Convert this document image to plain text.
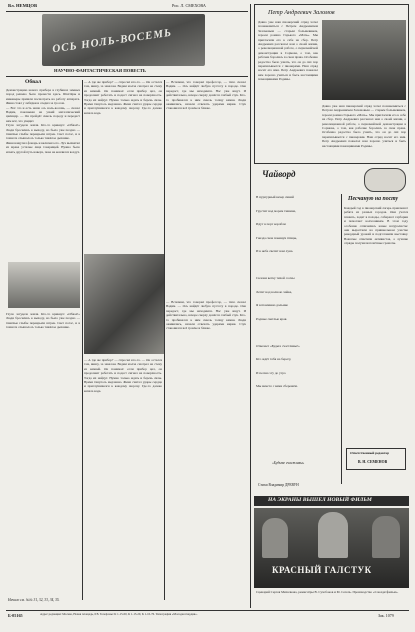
Вл. НЕМЦОВ	Рис. Л. СМЕХОВА
ОСЬ НОЛЬ-ВОСЕМЬ
НАУЧНО-ФАНТАСТИЧЕСКАЯ ПОВЕСТЬ
Обвал

Демонстрацию нового прибора в глубинах земных пород решено было провести здесь. Шахтёры и инженеры пришли посмотреть на работу аппарата. Женя стоял у лебёдки и следил за тросом.

— Вот это и есть наша ось ноль-восемь, — сказал Вадим, показывая на узкий металлический цилиндр. — Он пройдёт сквозь породу и передаст нам всё, что увидит.

Глухо загудела земля. Кто-то крикнул: «Обвал!» Люди бросились к выходу, но было уже поздно — тяжёлые глыбы перекрыли штрек. Свет погас, и в темноте слышалось только тяжёлое дыхание.

Женя нащупал фонарь и включил его. Луч выхватил из мрака усталые лица товарищей. Нужно было искать другой путь наверх, пока не кончился воздух.

Глухо загудела земля. Кто-то крикнул: «Обвал!» Люди бросились к выходу, но было уже поздно — тяжёлые глыбы перекрыли штрек. Свет погас, и в темноте слышалось только тяжёлое дыхание.
— А где же прибор? — спросил кто-то. — Он остался там, внизу, за завалом. Вадим молча смотрел на стену из камней. Он понимал: если прибор цел, он продолжит работать и подаст сигнал на поверхность. Тогда их найдут. Нужно только ждать и беречь силы. Время тянулось медленно. Женя считал удары сердца и прислушивался к каждому шороху. Где-то далеко капала вода.
— А где же прибор? — спросил кто-то. — Он остался там, внизу, за завалом. Вадим молча смотрел на стену из камней. Он понимал: если прибор цел, он продолжит работать и подаст сигнал на поверхность. Тогда их найдут. Нужно только ждать и беречь силы. Время тянулось медленно. Женя считал удары сердца и прислушивался к каждому шороху. Где-то далеко капала вода.
— Вспомни, что говорил профессор, — тихо сказал Вадим. — Ось найдёт любую пустоту в породе. Она передаст, где мы находимся. Нас уже ищут. И действительно, вскоре сверху донёсся слабый стук. Кто-то пробивался к ним сквозь толщу камня. Люди оживились, начали отвечать ударами кирки. Стук становился всё громче и ближе.
— Вспомни, что говорил профессор, — тихо сказал Вадим. — Ось найдёт любую пустоту в породе. Она передаст, где мы находимся. Нас уже ищут. И действительно, вскоре сверху донёсся слабый стук. Кто-то пробивался к ним сквозь толщу камня. Люди оживились, начали отвечать ударами кирки. Стук становился всё громче и ближе.
Начало см. №№ 31, 32, 33, 34, 35.
Петр Андреевич Заломов
Давно уже наш пионерский отряд хотел познакомиться с Петром Андреевичем Заломовым — старым большевиком, героем романа Горького «Мать». Мы пригласили его к себе на сбор. Петр Андреевич рассказал нам о своей жизни, о революционной работе, о первомайской демонстрации в Сормове, о том, как рабочие боролись за свои права. Особенно радостно было узнать, что он до сих пор переписывается с пионерами. Наш отряд носит его имя. Петр Андреевич пожелал нам хорошо учиться и быть настоящими помощниками Родины.
Давно уже наш пионерский отряд хотел познакомиться с Петром Андреевичем Заломовым — старым большевиком, героем романа Горького «Мать». Мы пригласили его к себе на сбор. Петр Андреевич рассказал нам о своей жизни, о революционной работе, о первомайской демонстрации в Сормове, о том, как рабочие боролись за свои права. Особенно радостно было узнать, что он до сих пор переписывается с пионерами. Наш отряд носит его имя. Петр Андреевич пожелал нам хорошо учиться и быть настоящими помощниками Родины.
Чайворд

В пурпурный вечер синий

Грустит над морем тишина,

Идут в порт корабли

Гнезда свои покинув птицы,

И в небе светит нам луна.

Склони ветку тихой сосны

Летит над волною чайка,

Я вспоминаю дальние

Родные светлые края.

Отвечает «Будьте счастливы!»

Кто ждёт тебя на берегу,

И песню эту до утра

Мы вместе с вами сбережём.

«Будьте счастливы»
Стихи Владимир ДРЕВУН
Песчаную на посту
Каждый год в пионерский лагерь приезжают ребята из разных городов. Они учатся плавать, ходят в походы, собирают гербарии и помогают колхозникам. В этом году особенно отличились юные натуралисты: они вырастили на пришкольном участке рекордный урожай и подготовили выставку. Вожатые отметили активистов, а лучшие отряды получили почётные грамоты.
Ответственный редактор
В. Н. СЕМЕНОВ
НА ЭКРАНЫ ВЫШЕЛ НОВЫЙ ФИЛЬМ
КРАСНЫЙ ГАЛСТУК
Сценарий Сергея Михалкова, режиссёры В. Сухобоков и М. Сегель. Производство «Союздетфильм».
Б-05165	Адрес редакции: Москва, Новая площадь, 6/8. Телефоны: К 1-15-00, К 1-13-20, К 1-10-76. Типография «Молодая гвардия».	Зак. 1079
